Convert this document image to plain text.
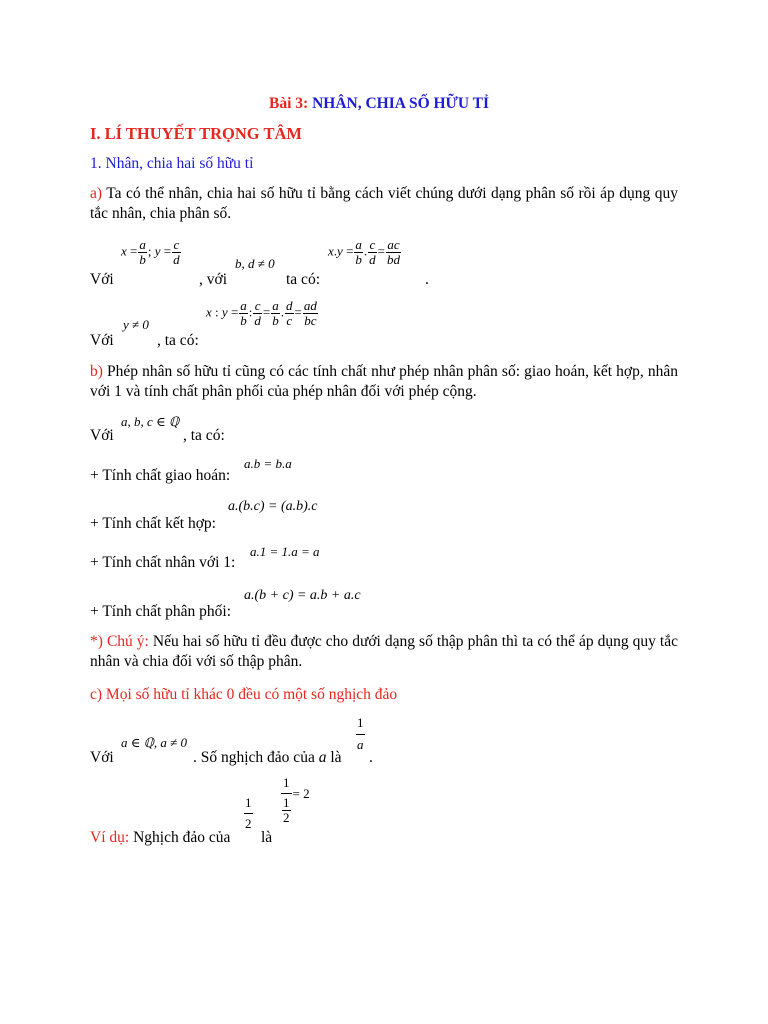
Bài 3: NHÂN, CHIA SỐ HỮU TỈ
I. LÍ THUYẾT TRỌNG TÂM
1. Nhân, chia hai số hữu tỉ
a) Ta có thể nhân, chia hai số hữu tỉ bằng cách viết chúng dưới dạng phân số rồi áp dụng quy tắc nhân, chia phân số.
Với
$x = \frac{a}{b}$ ; $y = \frac{c}{d}$
, với
b, d ≠ 0
ta có:
$x.y = \frac{a}{b}$ . $\frac{c}{d} = \frac{ac}{bd}$
.
Với
y ≠ 0
, ta có:
x : $y = \frac{a}{b}$ : $\frac{c}{d} = \frac{a}{b}$ . $\frac{d}{c} = \frac{ad}{bc}$
b) Phép nhân số hữu tỉ cũng có các tính chất như phép nhân phân số: giao hoán, kết hợp, nhân với 1 và tính chất phân phối của phép nhân đối với phép cộng.
Với
a, b, c ∈ ℚ
, ta có:
+ Tính chất giao hoán:
a.b = b.a
+ Tính chất kết hợp:
a.(b.c) = (a.b).c
+ Tính chất nhân với 1:
a.1 = 1.a = a
+ Tính chất phân phối:
a.(b + c) = a.b + a.c
*) Chú ý: Nếu hai số hữu tỉ đều được cho dưới dạng số thập phân thì ta có thể áp dụng quy tắc nhân và chia đối với số thập phân.
c) Mọi số hữu tỉ khác 0 đều có một số nghịch đảo
Với
a ∈ ℚ, a ≠ 0
. Số nghịch đảo của a là
$\frac{1}{a}$
.
Ví dụ: Nghịch đảo của
$\frac{1}{2}$
là
$\frac{1}{\frac{1}{2}} = 2$
